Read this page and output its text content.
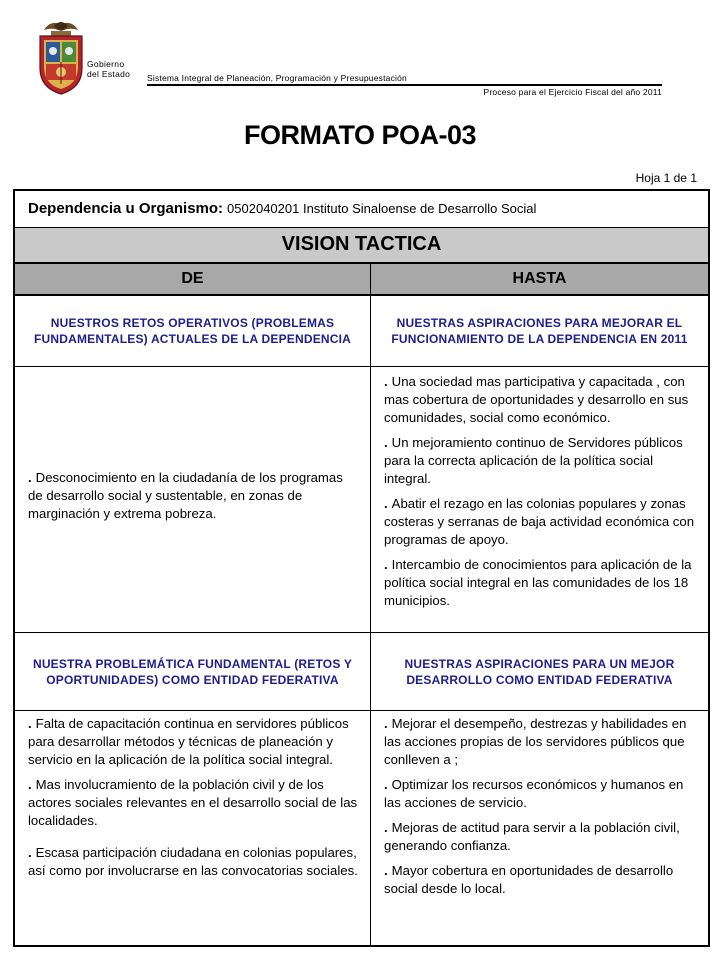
Gobierno
del Estado Sistema Integral de Planeación, Programación y Presupuestación
Proceso para el Ejercicio Fiscal del año 2011
FORMATO POA-03
Hoja 1 de 1
Dependencia u Organismo: 0502040201 Instituto Sinaloense de Desarrollo Social
VISION TACTICA
DE	HASTA
NUESTROS RETOS OPERATIVOS (PROBLEMAS FUNDAMENTALES) ACTUALES DE LA DEPENDENCIA
NUESTRAS ASPIRACIONES PARA MEJORAR EL FUNCIONAMIENTO DE LA DEPENDENCIA EN 2011

. Desconocimiento en la ciudadanía de los programas de desarrollo social y sustentable, en zonas de marginación y extrema pobreza.

. Una sociedad mas participativa y capacitada , con mas cobertura de oportunidades y desarrollo en sus comunidades, social como económico.

. Un mejoramiento continuo de Servidores públicos para la correcta aplicación de la política social integral.

. Abatir el rezago en las colonias populares y zonas costeras y serranas de baja actividad económica con programas de apoyo.

. Intercambio de conocimientos para aplicación de la política social integral en las comunidades de los 18 municipios.

NUESTRA PROBLEMÁTICA FUNDAMENTAL (RETOS Y OPORTUNIDADES) COMO ENTIDAD FEDERATIVA
NUESTRAS ASPIRACIONES PARA UN MEJOR DESARROLLO COMO ENTIDAD FEDERATIVA

. Falta de capacitación continua en servidores públicos para desarrollar métodos y técnicas de planeación y servicio en la aplicación de la política social integral.

. Mas involucramiento de la población civil y de los actores sociales relevantes en el desarrollo social de las localidades.

. Escasa participación ciudadana en colonias populares, así como por involucrarse en las convocatorias sociales.

. Mejorar el desempeño, destrezas y habilidades en las acciones propias de los servidores públicos que conlleven a ;

. Optimizar los recursos económicos y humanos en las acciones de servicio.

. Mejoras de actitud para servir a la población civil, generando confianza.

. Mayor cobertura en oportunidades de desarrollo social desde lo local.
